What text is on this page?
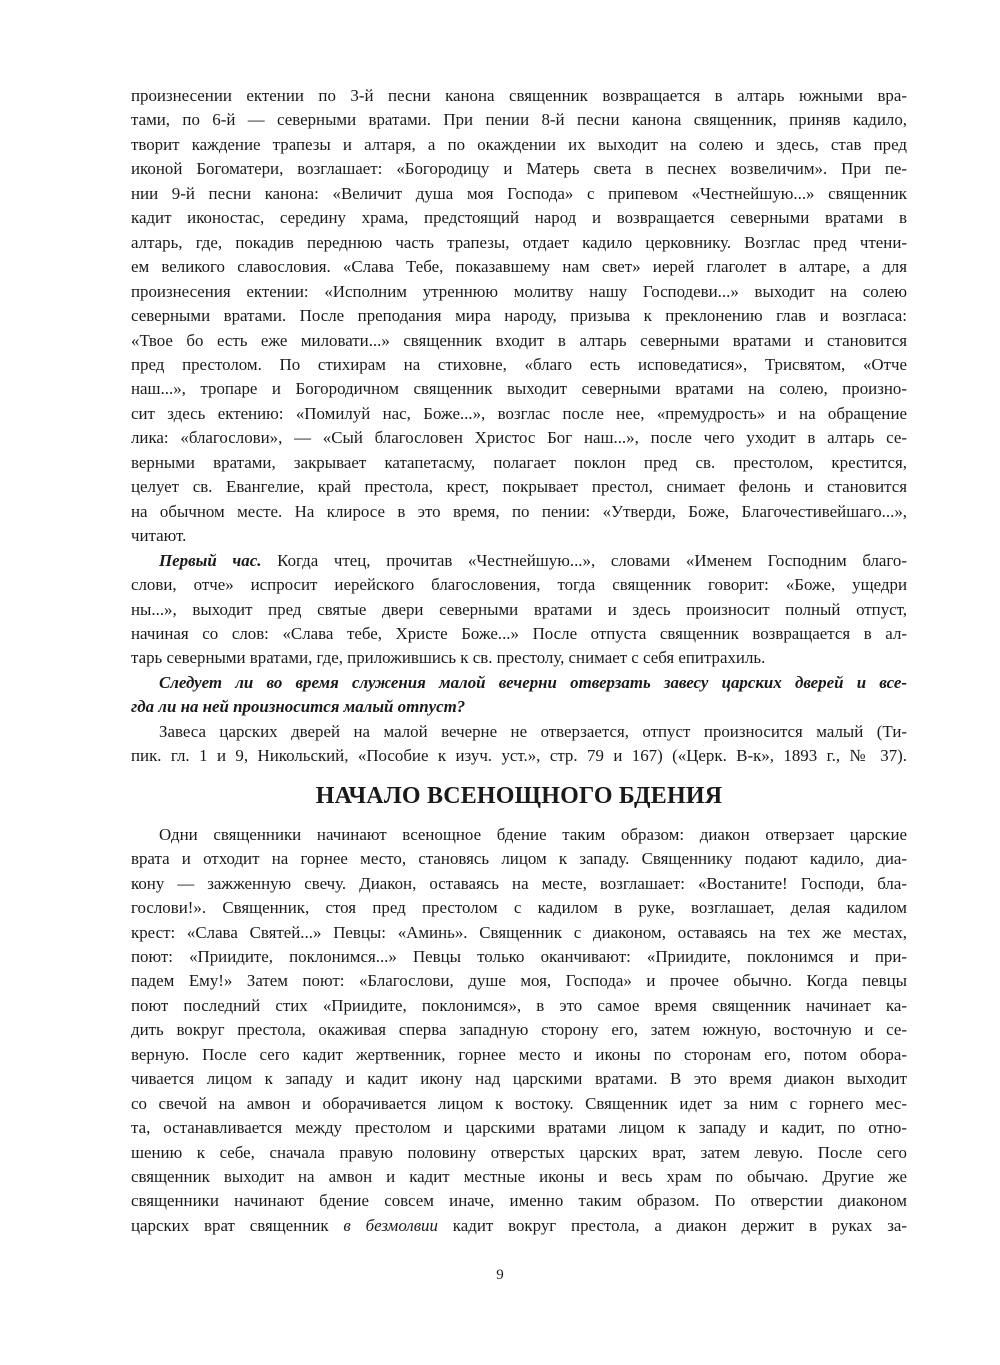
произнесении ектении по 3-й песни канона священник возвращается в алтарь южными вра-
тами, по 6-й — северными вратами. При пении 8-й песни канона священник, приняв кадило,
творит каждение трапезы и алтаря, а по окаждении их выходит на солею и здесь, став пред
иконой Богоматери, возглашает: «Богородицу и Матерь света в песнех возвеличим». При пе-
нии 9-й песни канона: «Величит душа моя Господа» с припевом «Честнейшую...» священник
кадит иконостас, середину храма, предстоящий народ и возвращается северными вратами в
алтарь, где, покадив переднюю часть трапезы, отдает кадило церковнику. Возглас пред чтени-
ем великого славословия. «Слава Тебе, показавшему нам свет» иерей глаголет в алтаре, а для
произнесения ектении: «Исполним утреннюю молитву нашу Господеви...» выходит на солею
северными вратами. После преподания мира народу, призыва к преклонению глав и возгласа:
«Твое бо есть еже миловати...» священник входит в алтарь северными вратами и становится
пред престолом. По стихирам на стиховне, «благо есть исповедатися», Трисвятом, «Отче
наш...», тропаре и Богородичном священник выходит северными вратами на солею, произно-
сит здесь ектению: «Помилуй нас, Боже...», возглас после нее, «премудрость» и на обращение
лика: «благослови», — «Сый благословен Христос Бог наш...», после чего уходит в алтарь се-
верными вратами, закрывает катапетасму, полагает поклон пред св. престолом, крестится,
целует св. Евангелие, край престола, крест, покрывает престол, снимает фелонь и становится
на обычном месте. На клиросе в это время, по пении: «Утверди, Боже, Благочестивейшаго...»,
читают.

Первый час. Когда чтец, прочитав «Честнейшую...», словами «Именем Господним благо-
слови, отче» испросит иерейского благословения, тогда священник говорит: «Боже, ущедри
ны...», выходит пред святые двери северными вратами и здесь произносит полный отпуст,
начиная со слов: «Слава тебе, Христе Боже...» После отпуста священник возвращается в ал-
тарь северными вратами, где, приложившись к св. престолу, снимает с себя епитрахиль.

Следует ли во время служения малой вечерни отверзать завесу царских дверей и все-
гда ли на ней произносится малый отпуст?

Завеса царских дверей на малой вечерне не отверзается, отпуст произносится малый (Ти-
пик. гл. 1 и 9, Никольский, «Пособие к изуч. уст.», стр. 79 и 167) («Церк. В-к», 1893 г., № 37).

НАЧАЛО ВСЕНОЩНОГО БДЕНИЯ

Одни священники начинают всенощное бдение таким образом: диакон отверзает царские
врата и отходит на горнее место, становясь лицом к западу. Священнику подают кадило, диа-
кону — зажженную свечу. Диакон, оставаясь на месте, возглашает: «Востаните! Господи, бла-
гослови!». Священник, стоя пред престолом с кадилом в руке, возглашает, делая кадилом
крест: «Слава Святей...» Певцы: «Аминь». Священник с диаконом, оставаясь на тех же местах,
поют: «Приидите, поклонимся...» Певцы только оканчивают: «Приидите, поклонимся и при-
падем Ему!» Затем поют: «Благослови, душе моя, Господа» и прочее обычно. Когда певцы
поют последний стих «Приидите, поклонимся», в это самое время священник начинает ка-
дить вокруг престола, окаживая сперва западную сторону его, затем южную, восточную и се-
верную. После сего кадит жертвенник, горнее место и иконы по сторонам его, потом обора-
чивается лицом к западу и кадит икону над царскими вратами. В это время диакон выходит
со свечой на амвон и оборачивается лицом к востоку. Священник идет за ним с горнего мес-
та, останавливается между престолом и царскими вратами лицом к западу и кадит, по отно-
шению к себе, сначала правую половину отверстых царских врат, затем левую. После сего
священник выходит на амвон и кадит местные иконы и весь храм по обычаю. Другие же
священники начинают бдение совсем иначе, именно таким образом. По отверстии диаконом
царских врат священник в безмолвии кадит вокруг престола, а диакон держит в руках за-

9
